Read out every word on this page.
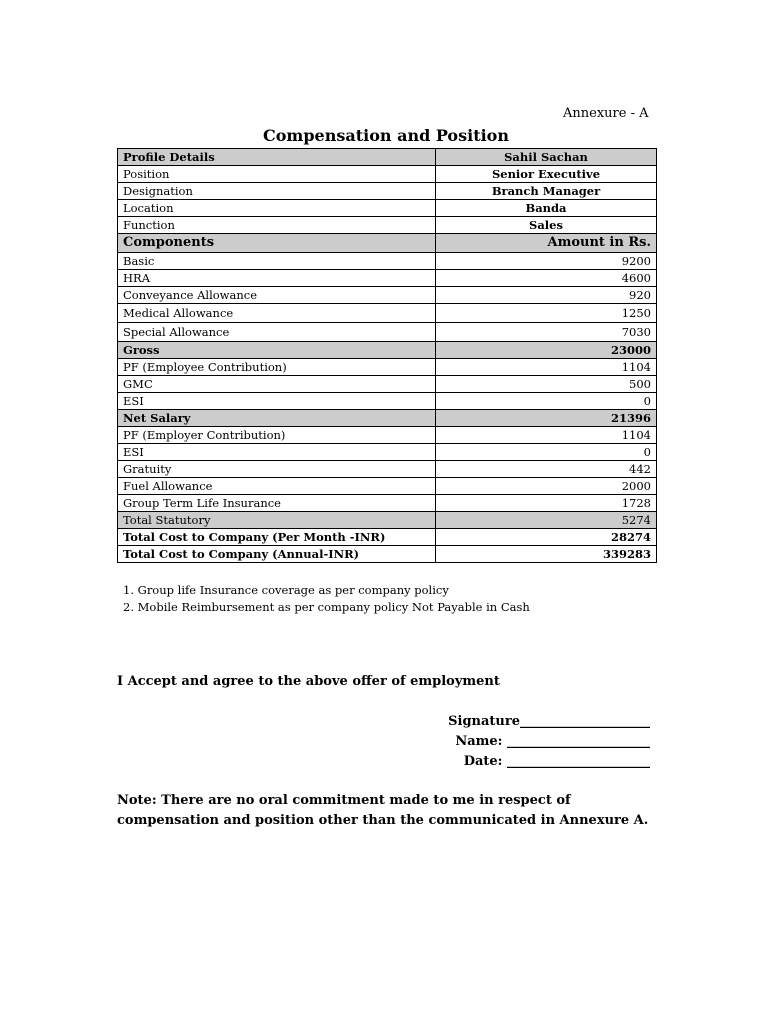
Annexure - A
Compensation and Position
Profile Details	Sahil Sachan
Position	Senior Executive
Designation	Branch Manager
Location	Banda
Function	Sales
Components	Amount in Rs.
Basic	9200
HRA	4600
Conveyance Allowance	920
Medical Allowance	1250
Special Allowance	7030
Gross	23000
PF (Employee Contribution)	1104
GMC	500
ESI	0
Net Salary	21396
PF (Employer Contribution)	1104
ESI	0
Gratuity	442
Fuel Allowance	2000
Group Term Life Insurance	1728
Total Statutory	5274
Total Cost to Company (Per Month -INR)	28274
Total Cost to Company (Annual-INR)	339283
1. Group life Insurance coverage as per company policy
2. Mobile Reimbursement as per company policy Not Payable in Cash
I Accept and agree to the above offer of employment
Signature____________________
Name: ______________________
Date: ______________________
Note: There are no oral commitment made to me in respect of compensation and position other than the communicated in Annexure A.
